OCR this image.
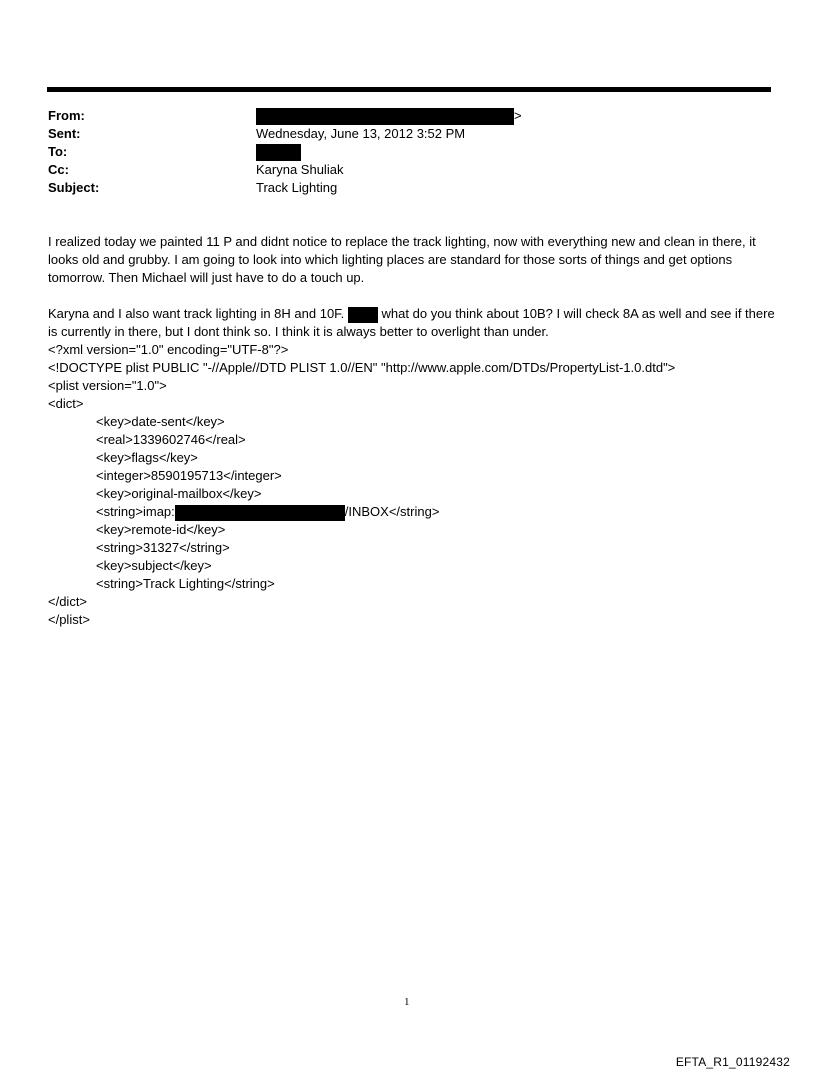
From:	>
Sent:	Wednesday, June 13, 2012 3:52 PM
To:
Cc:	Karyna Shuliak
Subject:	Track Lighting
I realized today we painted 11 P and didnt notice to replace the track lighting, now with everything new and clean in there, it looks old and grubby. I am going to look into which lighting places are standard for those sorts of things and get options tomorrow. Then Michael will just have to do a touch up.
Karyna and I also want track lighting in 8H and 10F.	what do you think about 10B? I will check 8A as well and see if there is currently in there, but I dont think so. I think it is always better to overlight than under.
<?xml version="1.0" encoding="UTF-8"?>
<!DOCTYPE plist PUBLIC "-//Apple//DTD PLIST 1.0//EN" "http://www.apple.com/DTDs/PropertyList-1.0.dtd">
<plist version="1.0">
<dict>
<key>date-sent</key>
<real>1339602746</real>
<key>flags</key>
<integer>8590195713</integer>
<key>original-mailbox</key>
<string>imap:	/INBOX</string>
<key>remote-id</key>
<string>31327</string>
<key>subject</key>
<string>Track Lighting</string>
</dict>
</plist>
1
EFTA_R1_01192432
